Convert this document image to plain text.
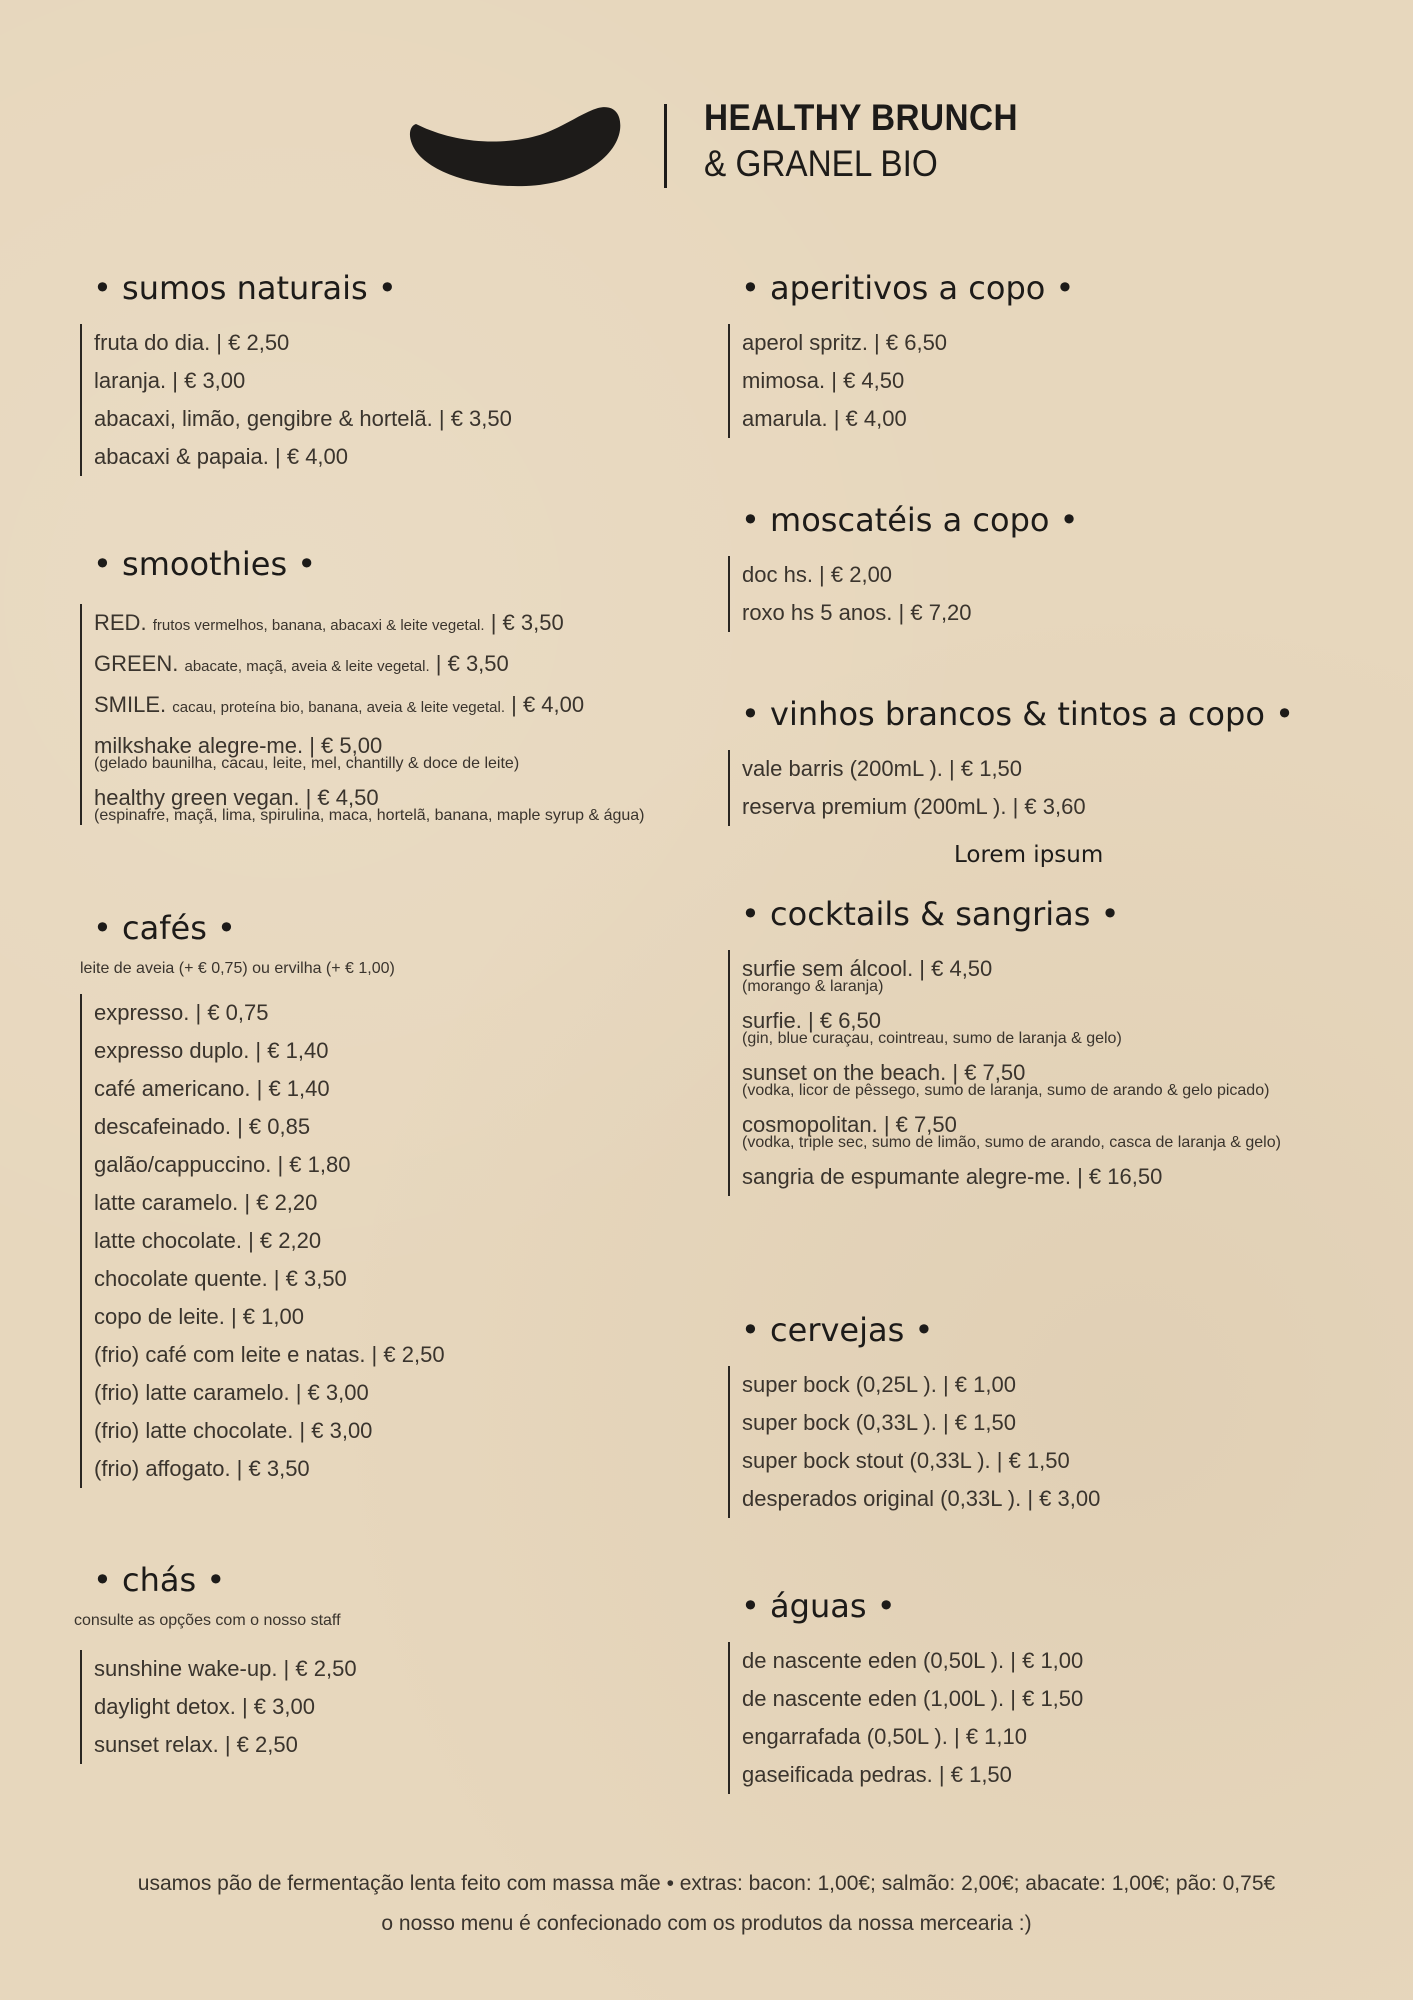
HEALTHY BRUNCH
& GRANEL BIO
• sumos naturais •
fruta do dia. | € 2,50
laranja. | € 3,00
abacaxi, limão, gengibre & hortelã. | € 3,50
abacaxi & papaia. | € 4,00
• smoothies •
RED. frutos vermelhos, banana, abacaxi & leite vegetal. | € 3,50
GREEN. abacate, maçã, aveia & leite vegetal. | € 3,50
SMILE. cacau, proteína bio, banana, aveia & leite vegetal. | € 4,00
milkshake alegre-me. | € 5,00
(gelado baunilha, cacau, leite, mel, chantilly & doce de leite)
healthy green vegan. | € 4,50
(espinafre, maçã, lima, spirulina, maca, hortelã, banana, maple syrup & água)
• cafés •
leite de aveia (+ € 0,75) ou ervilha (+ € 1,00)
expresso. | € 0,75
expresso duplo. | € 1,40
café americano. | € 1,40
descafeinado. | € 0,85
galão/cappuccino. | € 1,80
latte caramelo. | € 2,20
latte chocolate. | € 2,20
chocolate quente. | € 3,50
copo de leite. | € 1,00
(frio) café com leite e natas. | € 2,50
(frio) latte caramelo. | € 3,00
(frio) latte chocolate. | € 3,00
(frio) affogato. | € 3,50
• chás •
consulte as opções com o nosso staff
sunshine wake-up. | € 2,50
daylight detox. | € 3,00
sunset relax. | € 2,50
• aperitivos a copo •
aperol spritz. | € 6,50
mimosa. | € 4,50
amarula. | € 4,00
• moscatéis a copo •
doc hs. | € 2,00
roxo hs 5 anos. | € 7,20
• vinhos brancos & tintos a copo •
vale barris (200mL ). | € 1,50
reserva premium (200mL ). | € 3,60
Lorem ipsum
• cocktails & sangrias •
surfie sem álcool. | € 4,50
(morango & laranja)
surfie. | € 6,50
(gin, blue curaçau, cointreau, sumo de laranja & gelo)
sunset on the beach. | € 7,50
(vodka, licor de pêssego, sumo de laranja, sumo de arando & gelo picado)
cosmopolitan. | € 7,50
(vodka, triple sec, sumo de limão, sumo de arando, casca de laranja & gelo)
sangria de espumante alegre-me. | € 16,50
• cervejas •
super bock (0,25L ). | € 1,00
super bock (0,33L ). | € 1,50
super bock stout (0,33L ). | € 1,50
desperados original (0,33L ). | € 3,00
• águas •
de nascente eden (0,50L ). | € 1,00
de nascente eden (1,00L ). | € 1,50
engarrafada (0,50L ). | € 1,10
gaseificada pedras. | € 1,50
usamos pão de fermentação lenta feito com massa mãe • extras: bacon: 1,00€; salmão: 2,00€; abacate: 1,00€; pão: 0,75€
o nosso menu é confecionado com os produtos da nossa mercearia :)
